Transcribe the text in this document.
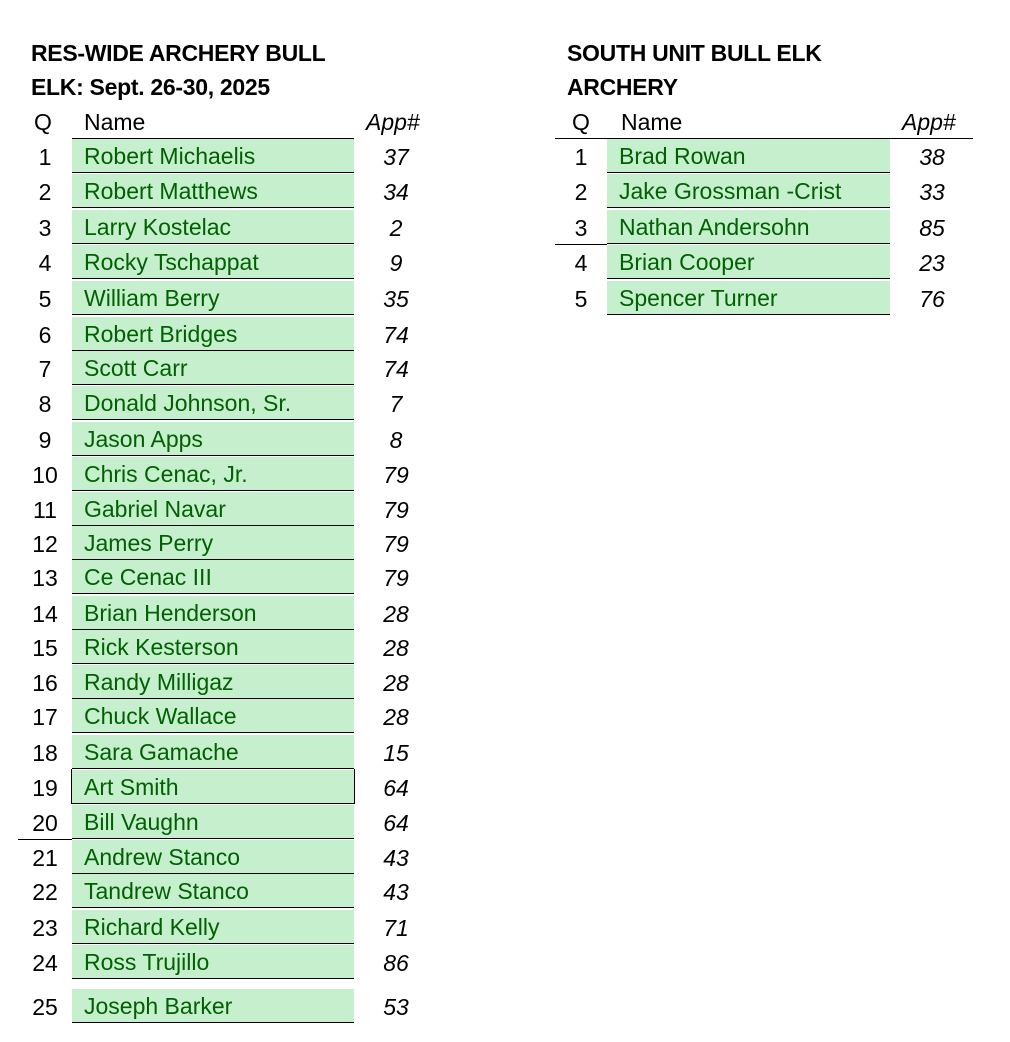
RES-WIDE ARCHERY BULL
ELK: Sept. 26-30, 2025
Q Name	App#
1	Robert Michaelis	37
2	Robert Matthews	34
3	Larry Kostelac	2
4	Rocky Tschappat	9
5	William Berry	35
6	Robert Bridges	74
7	Scott Carr	74
8	Donald Johnson, Sr.	7
9	Jason Apps	8
10	Chris Cenac, Jr.	79
11	Gabriel Navar	79
12	James Perry	79
13	Ce Cenac III	79
14	Brian Henderson	28
15	Rick Kesterson	28
16	Randy Milligaz	28
17	Chuck Wallace	28
18	Sara Gamache	15
19	Art Smith	64
20	Bill Vaughn	64
21	Andrew Stanco	43
22	Tandrew Stanco	43
23	Richard Kelly	71
24	Ross Trujillo	86
25	Joseph Barker	53
SOUTH UNIT BULL ELK
ARCHERY
Q Name	App#
1	Brad Rowan	38
2	Jake Grossman -Crist	33
3	Nathan Andersohn	85
4	Brian Cooper	23
5	Spencer Turner	76
